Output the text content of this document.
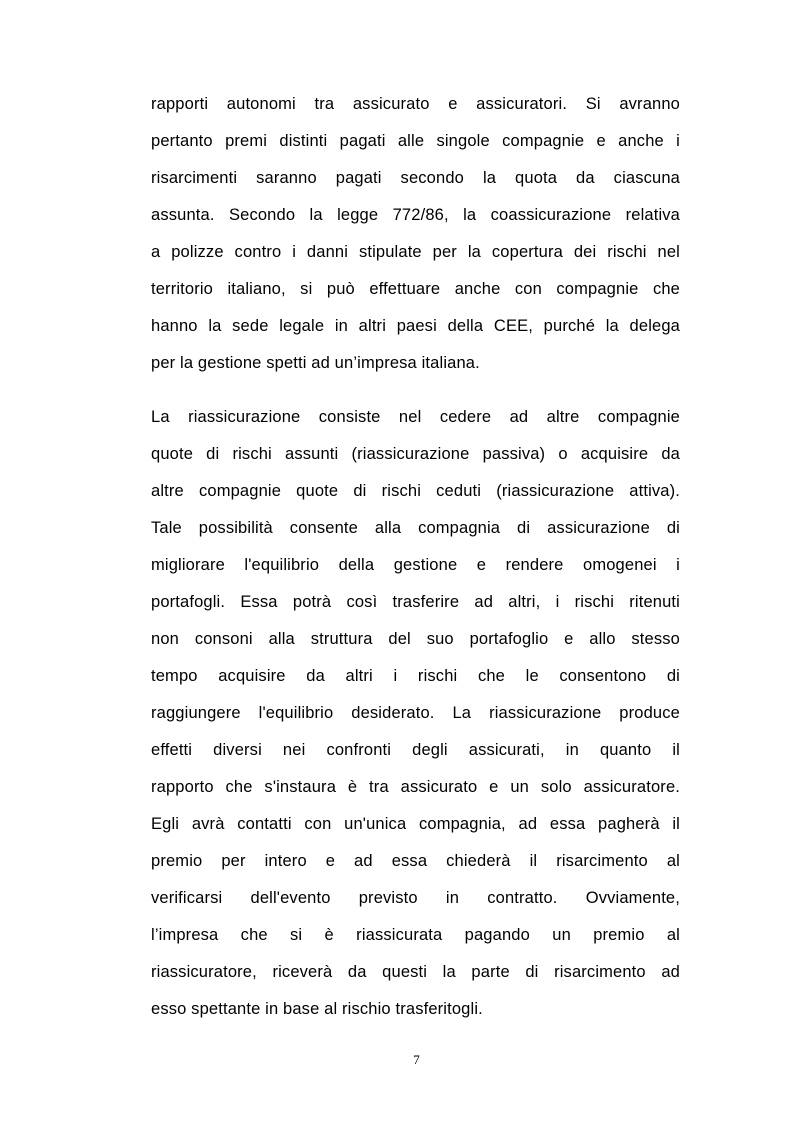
rapporti autonomi tra assicurato e assicuratori. Si avranno
pertanto premi distinti pagati alle singole compagnie e anche i
risarcimenti saranno pagati secondo la quota da ciascuna
assunta. Secondo la legge 772/86, la coassicurazione relativa
a polizze contro i danni stipulate per la copertura dei rischi nel
territorio italiano, si può effettuare anche con compagnie che
hanno la sede legale in altri paesi della CEE, purché la delega
per la gestione spetti ad un’impresa italiana.
La riassicurazione consiste nel cedere ad altre compagnie
quote di rischi assunti (riassicurazione passiva) o acquisire da
altre compagnie quote di rischi ceduti (riassicurazione attiva).
Tale possibilità consente alla compagnia di assicurazione di
migliorare l'equilibrio della gestione e rendere omogenei i
portafogli. Essa potrà così trasferire ad altri, i rischi ritenuti
non consoni alla struttura del suo portafoglio e allo stesso
tempo acquisire da altri i rischi che le consentono di
raggiungere l'equilibrio desiderato. La riassicurazione produce
effetti diversi nei confronti degli assicurati, in quanto il
rapporto che s'instaura è tra assicurato e un solo assicuratore.
Egli avrà contatti con un'unica compagnia, ad essa pagherà il
premio per intero e ad essa chiederà il risarcimento al
verificarsi dell'evento previsto in contratto. Ovviamente,
l’impresa che si è riassicurata pagando un premio al
riassicuratore, riceverà da questi la parte di risarcimento ad
esso spettante in base al rischio trasferitogli.
7
